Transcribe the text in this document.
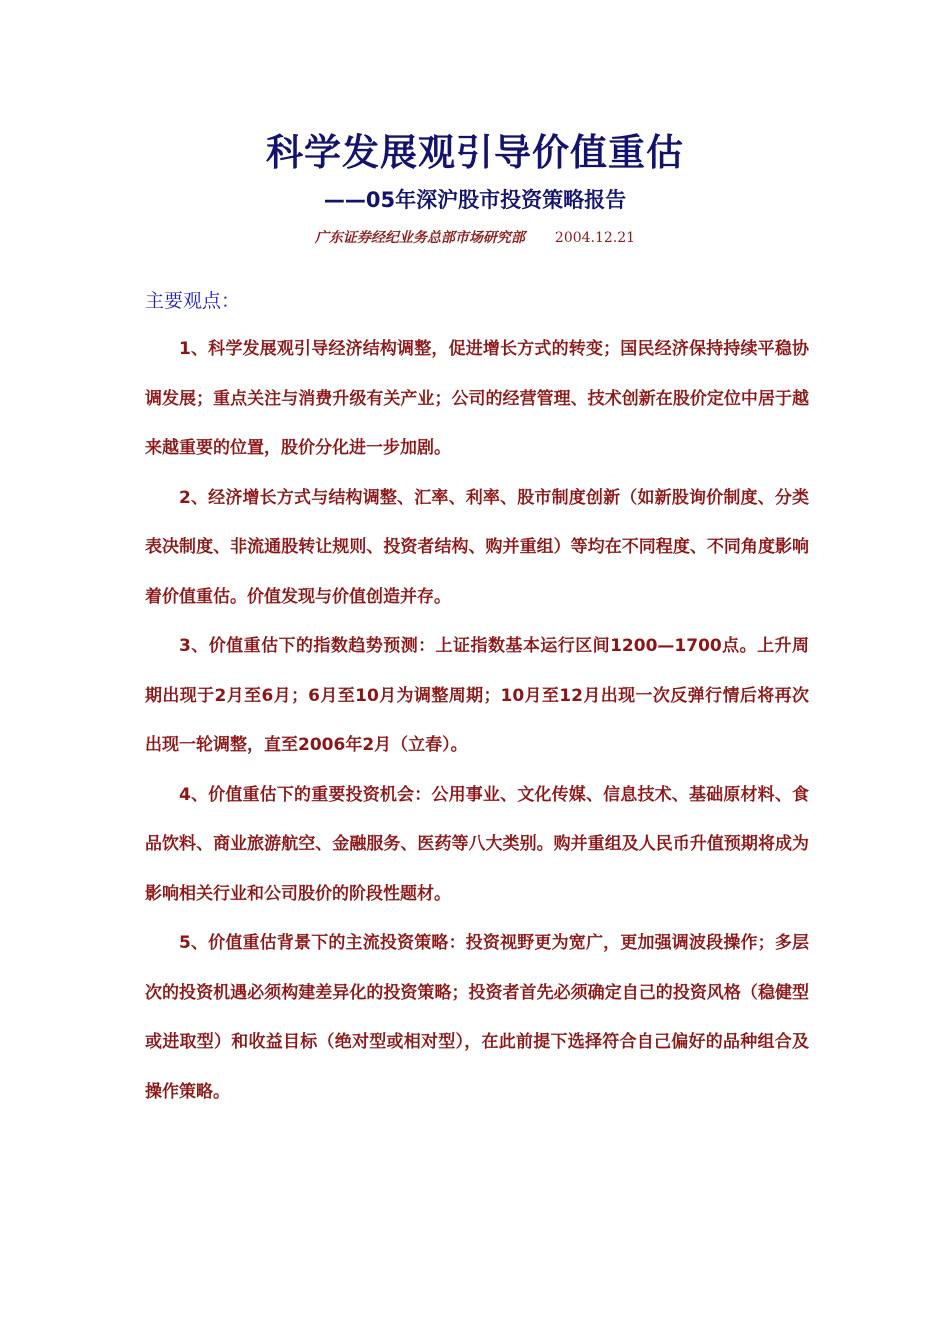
科学发展观引导价值重估
——05年深沪股市投资策略报告
广东证券经纪业务总部市场研究部 2004.12.21
主要观点：

1、科学发展观引导经济结构调整，促进增长方式的转变；国民经济保持持续平稳协调发展；重点关注与消费升级有关产业；公司的经营管理、技术创新在股价定位中居于越来越重要的位置，股价分化进一步加剧。

2、经济增长方式与结构调整、汇率、利率、股市制度创新（如新股询价制度、分类表决制度、非流通股转让规则、投资者结构、购并重组）等均在不同程度、不同角度影响着价值重估。价值发现与价值创造并存。

3、价值重估下的指数趋势预测：上证指数基本运行区间1200—1700点。上升周期出现于2月至6月；6月至10月为调整周期；10月至12月出现一次反弹行情后将再次出现一轮调整，直至2006年2月（立春）。

4、价值重估下的重要投资机会：公用事业、文化传媒、信息技术、基础原材料、食品饮料、商业旅游航空、金融服务、医药等八大类别。购并重组及人民币升值预期将成为影响相关行业和公司股价的阶段性题材。

5、价值重估背景下的主流投资策略：投资视野更为宽广，更加强调波段操作；多层次的投资机遇必须构建差异化的投资策略；投资者首先必须确定自己的投资风格（稳健型或进取型）和收益目标（绝对型或相对型），在此前提下选择符合自己偏好的品种组合及操作策略。
